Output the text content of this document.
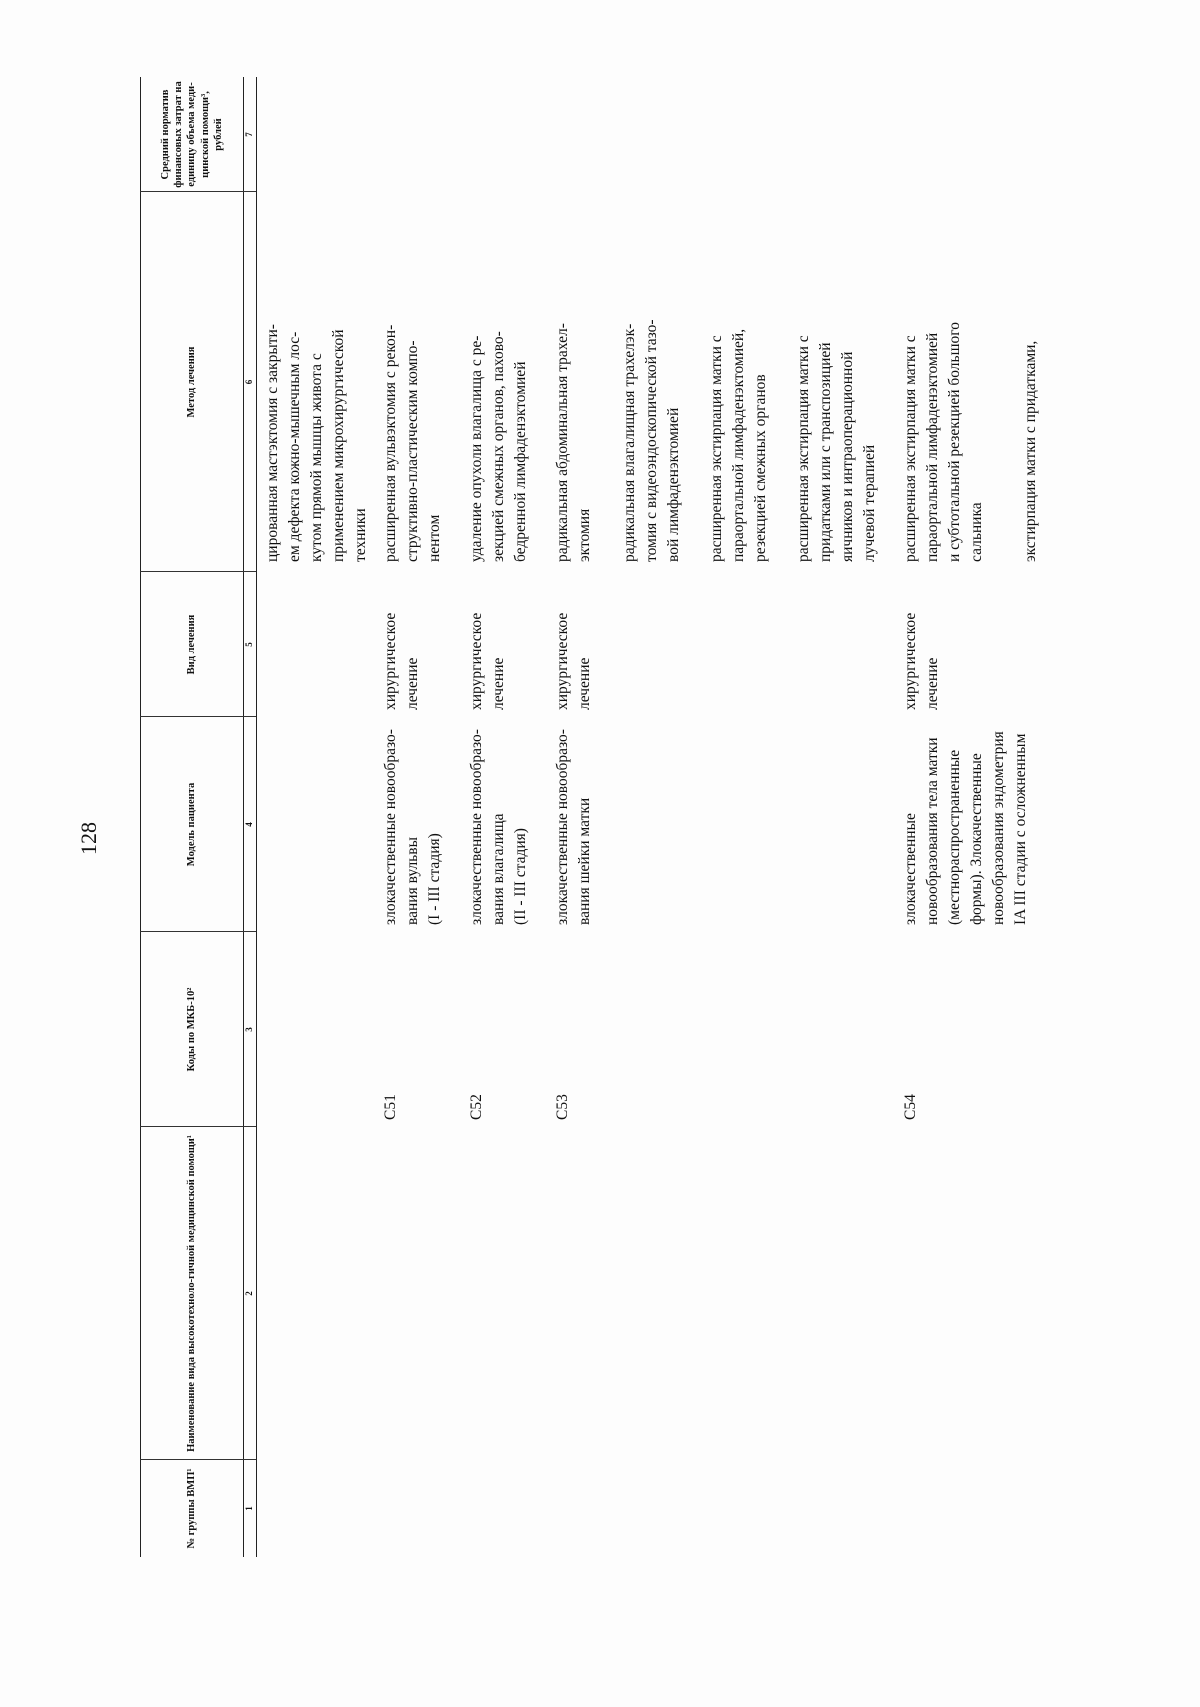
128
№ группы ВМП¹
Наименование вида высокотехноло-гичной медицинской помощи¹
Коды по МКБ-10²
Модель пациента
Вид лечения
Метод лечения
Средний норматив финансовых затрат на единицу объема меди-цинской помощи³, рублей
1
2
3
4
5
6
7
цированная мастэктомия с закрыти-
ем дефекта кожно-мышечным лос-
кутом прямой мышцы живота с
применением микрохирургической
техники
C51
злокачественные новообразо-
вания вульвы
(I - III стадия)
хирургическое
лечение
расширенная вульвэктомия с рекон-
структивно-пластическим компо-
нентом
C52
злокачественные новообразо-
вания влагалища
(II - III стадия)
хирургическое
лечение
удаление опухоли влагалища с ре-
зекцией смежных органов, пахово-
бедренной лимфаденэктомией
C53
злокачественные новообразо-
вания шейки матки
хирургическое
лечение
радикальная абдоминальная трахел-
эктомия радикальная влагалищная трахелэк-
томия с видеоэндоскопической тазо-
вой лимфаденэктомией расширенная экстирпация матки с
параортальной лимфаденэктомией,
резекцией смежных органов
расширенная экстирпация матки с
придатками или с транспозицией
яичников и интраоперационной
лучевой терапией
C54
злокачественные
новообразования тела матки
(местнораспространенные
формы). Злокачественные
новообразования эндометрия
IA III стадии с осложненным
хирургическое
лечение
расширенная экстирпация матки с
параортальной лимфаденэктомией
и субтотальной резекцией большого
сальника экстирпация матки с придатками,
